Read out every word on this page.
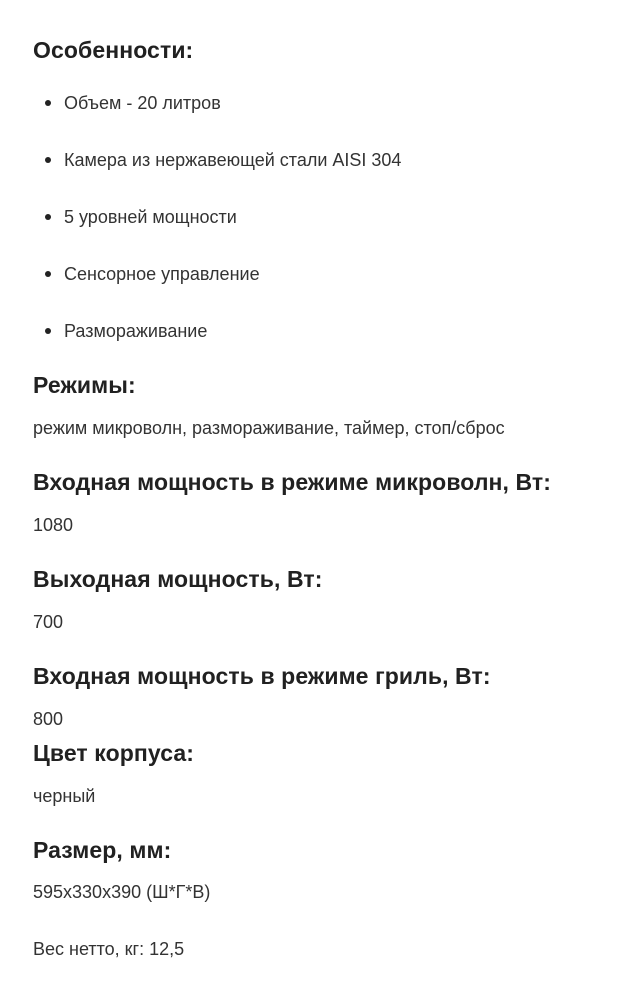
Особенности:
Объем - 20 литров
Камера из нержавеющей стали AISI 304
5 уровней мощности
Сенсорное управление
Размораживание
Режимы:
режим микроволн, размораживание, таймер, стоп/сброс
Входная мощность в режиме микроволн, Вт:
1080
Выходная мощность, Вт:
700
Входная мощность в режиме гриль, Вт:
800
Цвет корпуса:
черный
Размер, мм:
595x330x390 (Ш*Г*В)
Вес нетто, кг: 12,5
